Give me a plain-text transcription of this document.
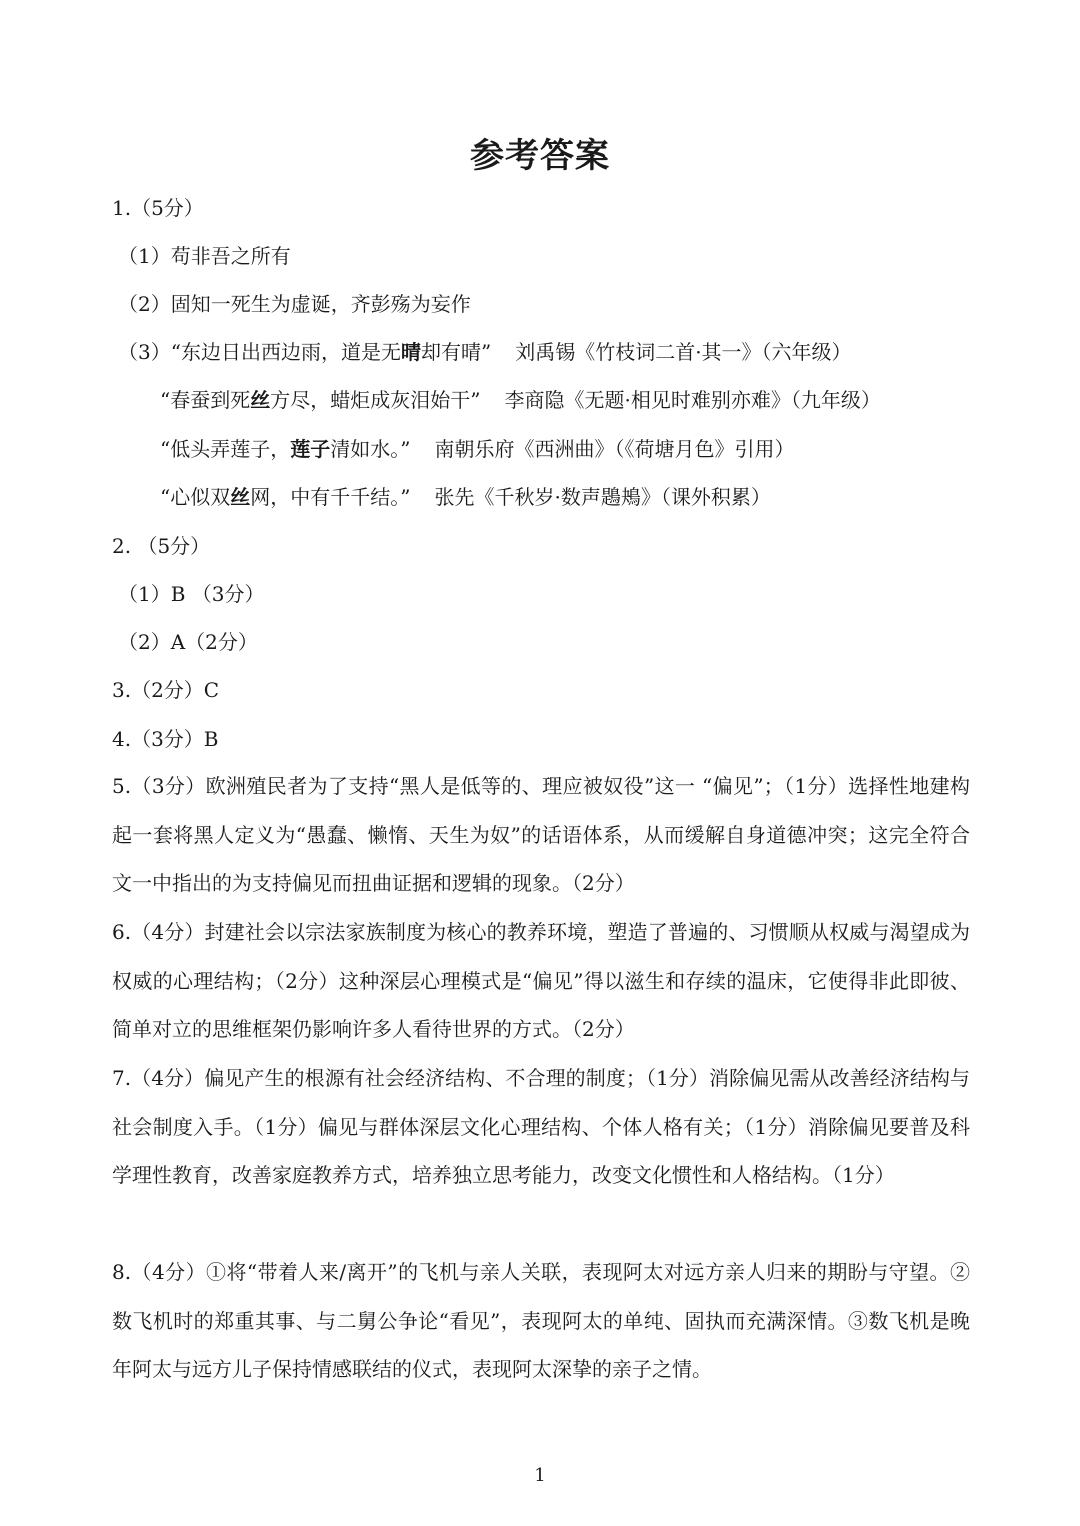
参考答案
1.（5分）
（1）苟非吾之所有
（2）固知一死生为虚诞，齐彭殇为妄作
（3）“东边日出西边雨，道是无晴却有晴” 刘禹锡《竹枝词二首·其一》（六年级）
“春蚕到死丝方尽，蜡炬成灰泪始干” 李商隐《无题·相见时难别亦难》（九年级）
“低头弄莲子，莲子清如水。” 南朝乐府《西洲曲》（《荷塘月色》引用）
“心似双丝网，中有千千结。” 张先《千秋岁·数声鶗鴂》（课外积累）
2. （5分）
（1）B （3分）
（2）A（2分）
3.（2分）C
4.（3分）B
5.（3分）欧洲殖民者为了支持“黑人是低等的、理应被奴役”这一 “偏见”；（1分）选择性地建构起一套将黑人定义为“愚蠢、懒惰、天生为奴”的话语体系，从而缓解自身道德冲突；这完全符合文一中指出的为支持偏见而扭曲证据和逻辑的现象。（2分）
6.（4分）封建社会以宗法家族制度为核心的教养环境，塑造了普遍的、习惯顺从权威与渴望成为权威的心理结构；（2分）这种深层心理模式是“偏见”得以滋生和存续的温床，它使得非此即彼、简单对立的思维框架仍影响许多人看待世界的方式。（2分）
7.（4分）偏见产生的根源有社会经济结构、不合理的制度；（1分）消除偏见需从改善经济结构与社会制度入手。（1分）偏见与群体深层文化心理结构、个体人格有关；（1分）消除偏见要普及科学理性教育，改善家庭教养方式，培养独立思考能力，改变文化惯性和人格结构。（1分）
8.（4分）①将“带着人来/离开”的飞机与亲人关联，表现阿太对远方亲人归来的期盼与守望。②数飞机时的郑重其事、与二舅公争论“看见”，表现阿太的单纯、固执而充满深情。③数飞机是晚年阿太与远方儿子保持情感联结的仪式，表现阿太深挚的亲子之情。
1
